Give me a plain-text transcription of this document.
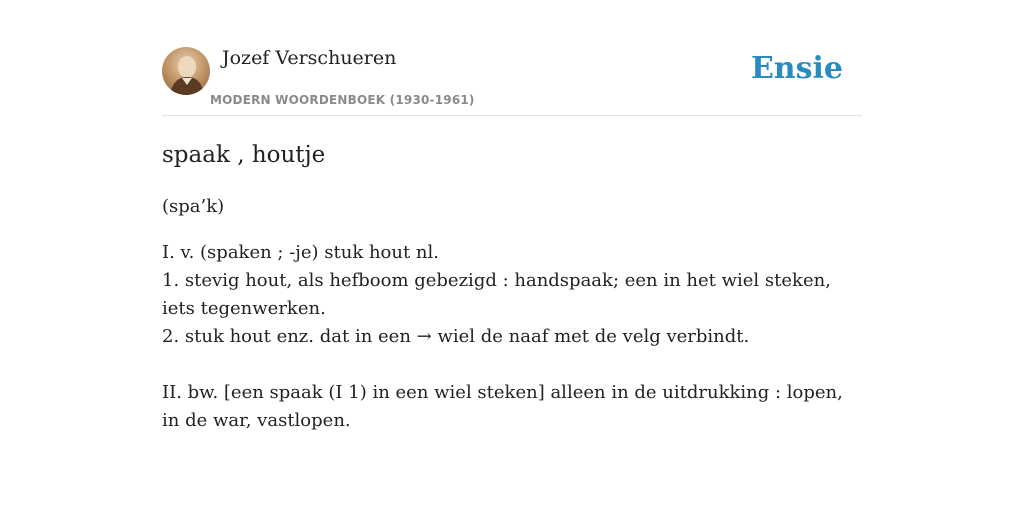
Jozef Verschueren
MODERN WOORDENBOEK (1930-1961)
Ensie
spaak , houtje
(spa’k)
I. v. (spaken ; -je) stuk hout nl.
1. stevig hout, als hefboom gebezigd : handspaak; een in het wiel steken, iets tegenwerken.
2. stuk hout enz. dat in een → wiel de naaf met de velg verbindt.
II. bw. [een spaak (I 1) in een wiel steken] alleen in de uitdrukking : lopen, in de war, vastlopen.
